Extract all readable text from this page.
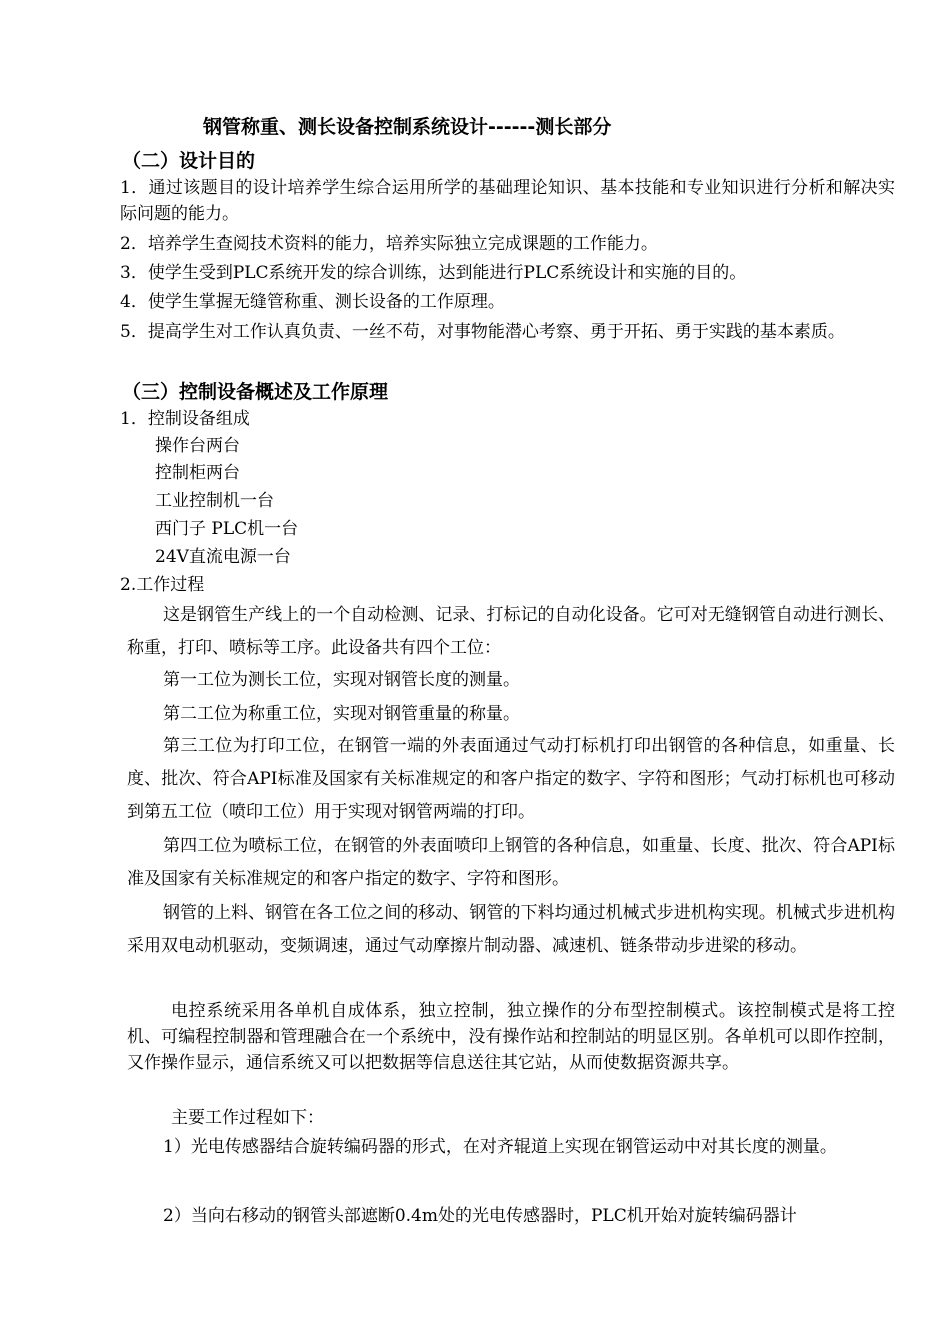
钢管称重、测长设备控制系统设计------测长部分
（二）设计目的
1．通过该题目的设计培养学生综合运用所学的基础理论知识、基本技能和专业知识进行分析和解决实际问题的能力。
2．培养学生查阅技术资料的能力，培养实际独立完成课题的工作能力。
3．使学生受到PLC系统开发的综合训练，达到能进行PLC系统设计和实施的目的。
4．使学生掌握无缝管称重、测长设备的工作原理。
5．提高学生对工作认真负责、一丝不苟，对事物能潜心考察、勇于开拓、勇于实践的基本素质。
（三）控制设备概述及工作原理
1．控制设备组成
操作台两台
控制柜两台
工业控制机一台
西门子 PLC机一台
24V直流电源一台
2.工作过程
这是钢管生产线上的一个自动检测、记录、打标记的自动化设备。它可对无缝钢管自动进行测长、称重，打印、喷标等工序。此设备共有四个工位：
第一工位为测长工位，实现对钢管长度的测量。
第二工位为称重工位，实现对钢管重量的称量。
第三工位为打印工位，在钢管一端的外表面通过气动打标机打印出钢管的各种信息，如重量、长度、批次、符合API标准及国家有关标准规定的和客户指定的数字、字符和图形；气动打标机也可移动到第五工位（喷印工位）用于实现对钢管两端的打印。
第四工位为喷标工位，在钢管的外表面喷印上钢管的各种信息，如重量、长度、批次、符合API标准及国家有关标准规定的和客户指定的数字、字符和图形。
钢管的上料、钢管在各工位之间的移动、钢管的下料均通过机械式步进机构实现。机械式步进机构采用双电动机驱动，变频调速，通过气动摩擦片制动器、减速机、链条带动步进梁的移动。
电控系统采用各单机自成体系，独立控制，独立操作的分布型控制模式。该控制模式是将工控机、可编程控制器和管理融合在一个系统中，没有操作站和控制站的明显区别。各单机可以即作控制，又作操作显示，通信系统又可以把数据等信息送往其它站，从而使数据资源共享。
主要工作过程如下：
1）光电传感器结合旋转编码器的形式，在对齐辊道上实现在钢管运动中对其长度的测量。
2）当向右移动的钢管头部遮断0.4m处的光电传感器时，PLC机开始对旋转编码器计
